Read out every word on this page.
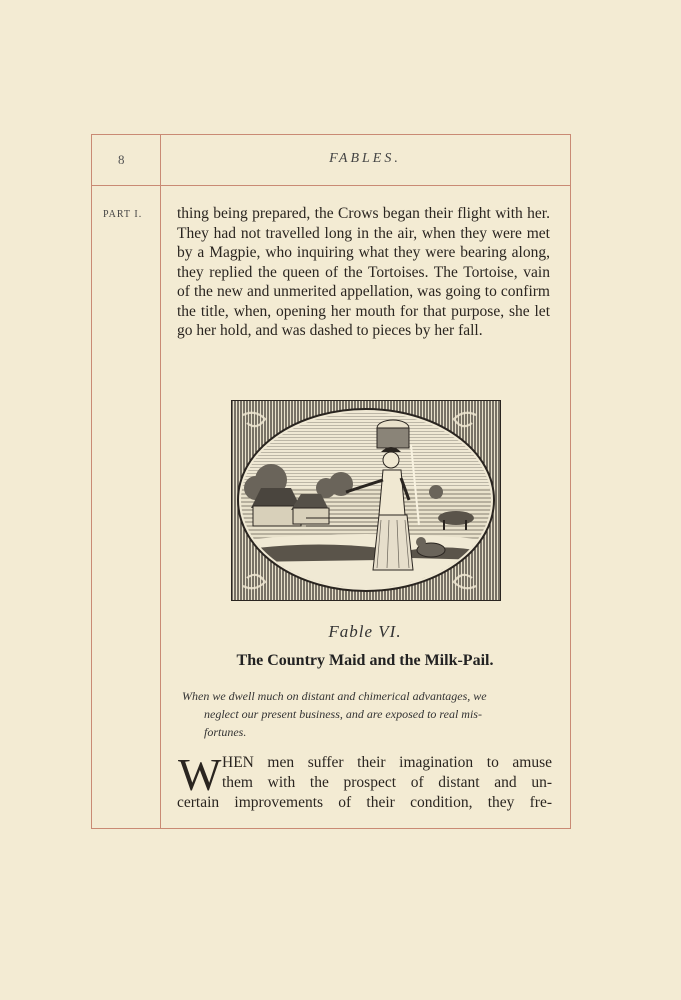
8	FABLES.
PART I. thing being prepared, the Crows began their flight with her. They had not travelled long in the air, when they were met by a Magpie, who inquiring what they were bearing along, they replied the queen of the Tortoises. The Tortoise, vain of the new and unmerited appellation, was going to confirm the title, when, opening her mouth for that purpose, she let go her hold, and was dashed to pieces by her fall.
Fable VI.
The Country Maid and the Milk-Pail.
When we dwell much on distant and chimerical advantages, we
neglect our present business, and are exposed to real mis-
fortunes.
W HEN men suffer their imagination to amuse
them with the prospect of distant and un-
certain improvements of their condition, they fre-
